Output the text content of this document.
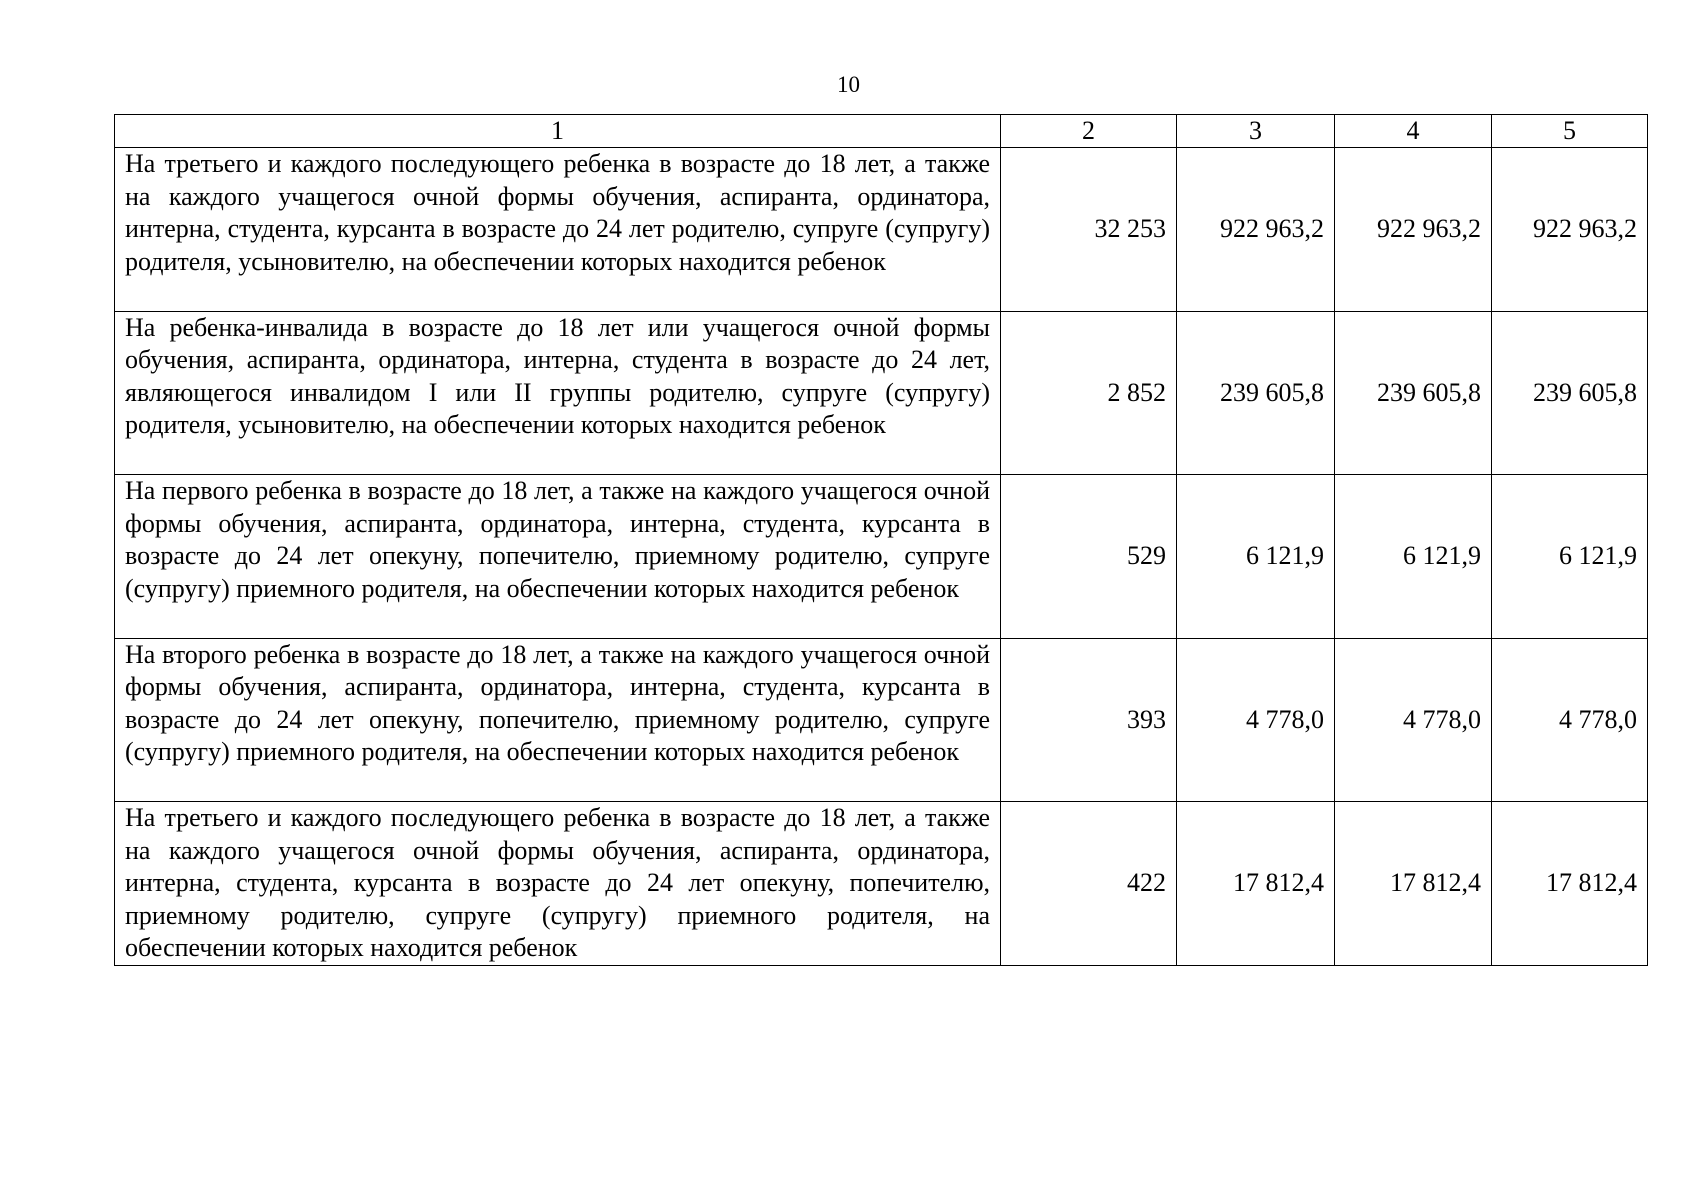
10
1	2	3	4	5
На третьего и каждого последующего ребенка в возрасте до 18 лет, а также на каждого учащегося очной формы обучения, аспиранта, ординатора, интерна, студента, курсанта в возрасте до 24 лет родителю, супруге (супругу) родителя, усыновителю, на обеспечении которых находится ребенок	32 253	922 963,2	922 963,2	922 963,2
На ребенка-инвалида в возрасте до 18 лет или учащегося очной формы обучения, аспиранта, ординатора, интерна, студента в возрасте до 24 лет, являющегося инвалидом I или II группы родителю, супруге (супругу) родителя, усыновителю, на обеспечении которых находится ребенок	2 852	239 605,8	239 605,8	239 605,8
На первого ребенка в возрасте до 18 лет, а также на каждого учащегося очной формы обучения, аспиранта, ординатора, интерна, студента, курсанта в возрасте до 24 лет опекуну, попечителю, приемному родителю, супруге (супругу) приемного родителя, на обеспечении которых находится ребенок	529	6 121,9	6 121,9	6 121,9
На второго ребенка в возрасте до 18 лет, а также на каждого учащегося очной формы обучения, аспиранта, ординатора, интерна, студента, курсанта в возрасте до 24 лет опекуну, попечителю, приемному родителю, супруге (супругу) приемного родителя, на обеспечении которых находится ребенок	393	4 778,0	4 778,0	4 778,0
На третьего и каждого последующего ребенка в возрасте до 18 лет, а также на каждого учащегося очной формы обучения, аспиранта, ординатора, интерна, студента, курсанта в возрасте до 24 лет опекуну, попечителю, приемному родителю, супруге (супругу) приемного родителя, на обеспечении которых находится ребенок	422	17 812,4	17 812,4	17 812,4
